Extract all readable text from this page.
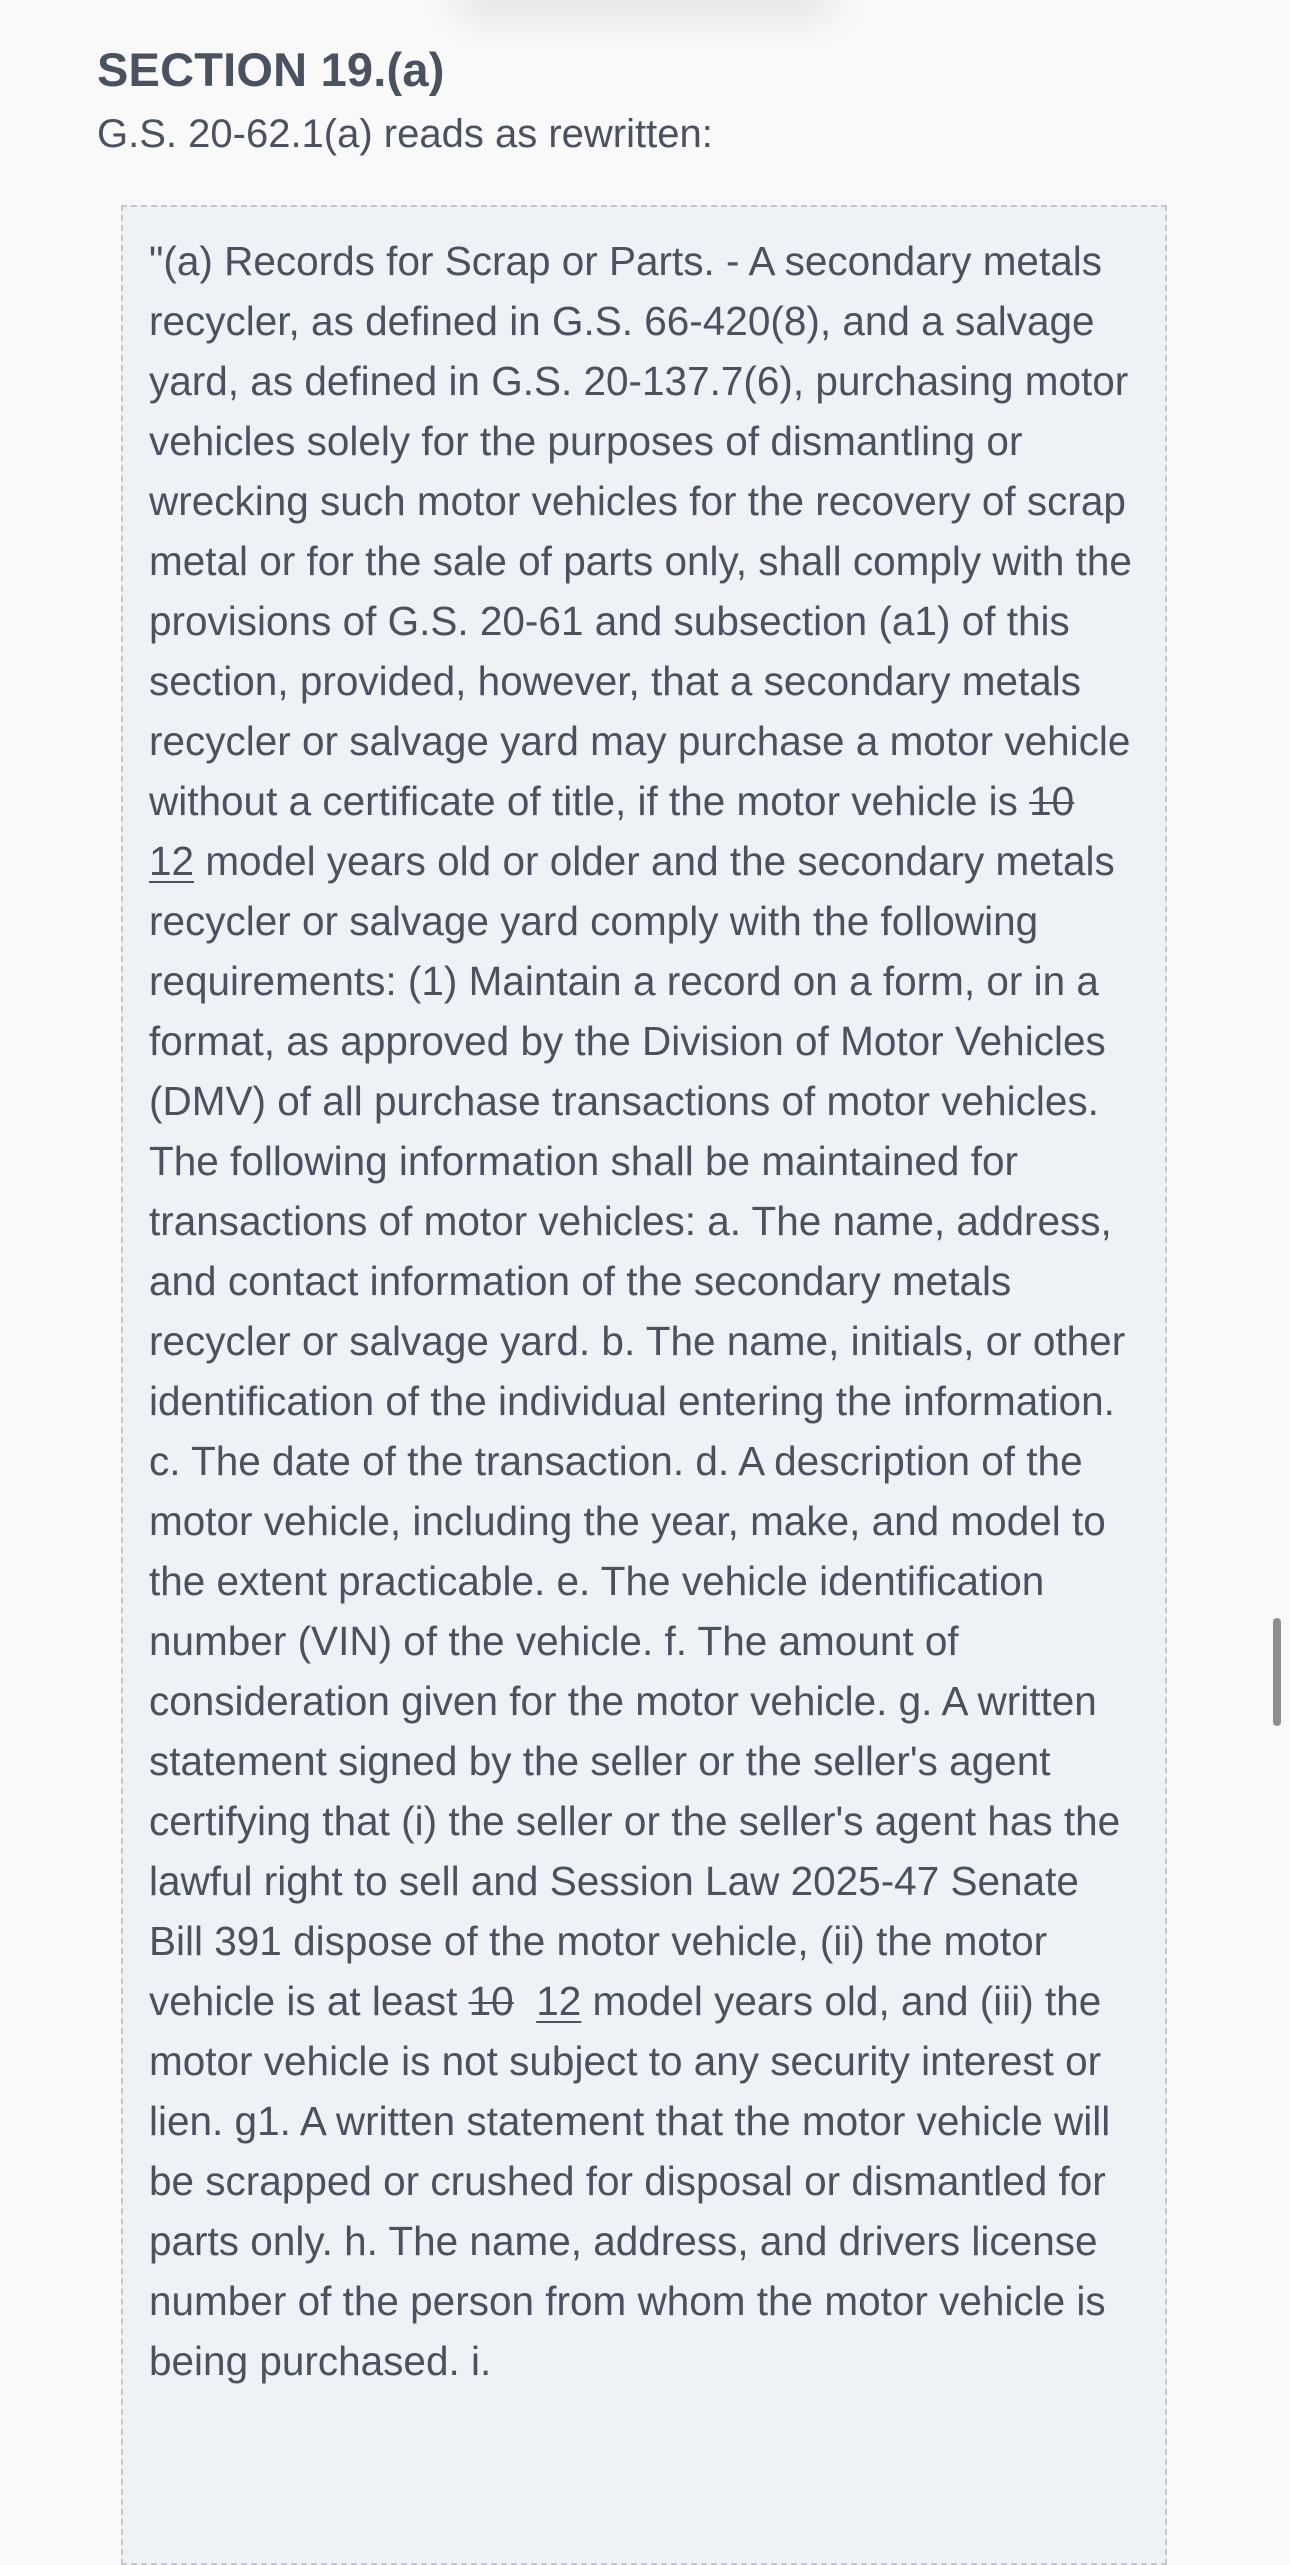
SECTION 19.(a)

G.S. 20-62.1(a) reads as rewritten:

"(a) Records for Scrap or Parts. - A secondary metals recycler, as defined in G.S. 66-420(8), and a salvage yard, as defined in G.S. 20-137.7(6), purchasing motor vehicles solely for the purposes of dismantling or wrecking such motor vehicles for the recovery of scrap metal or for the sale of parts only, shall comply with the provisions of G.S. 20-61 and subsection (a1) of this section, provided, however, that a secondary metals recycler or salvage yard may purchase a motor vehicle without a certificate of title, if the motor vehicle is 10  12 model years old or older and the secondary metals recycler or salvage yard comply with the following requirements: (1) Maintain a record on a form, or in a format, as approved by the Division of Motor Vehicles (DMV) of all purchase transactions of motor vehicles. The following information shall be maintained for transactions of motor vehicles: a. The name, address, and contact information of the secondary metals recycler or salvage yard. b. The name, initials, or other identification of the individual entering the information. c. The date of the transaction. d. A description of the motor vehicle, including the year, make, and model to the extent practicable. e. The vehicle identification number (VIN) of the vehicle. f. The amount of consideration given for the motor vehicle. g. A written statement signed by the seller or the seller's agent certifying that (i) the seller or the seller's agent has the lawful right to sell and Session Law 2025-47 Senate Bill 391 dispose of the motor vehicle, (ii) the motor vehicle is at least 10 12 model years old, and (iii) the motor vehicle is not subject to any security interest or lien. g1. A written statement that the motor vehicle will be scrapped or crushed for disposal or dismantled for parts only. h. The name, address, and drivers license number of the person from whom the motor vehicle is being purchased. i.
